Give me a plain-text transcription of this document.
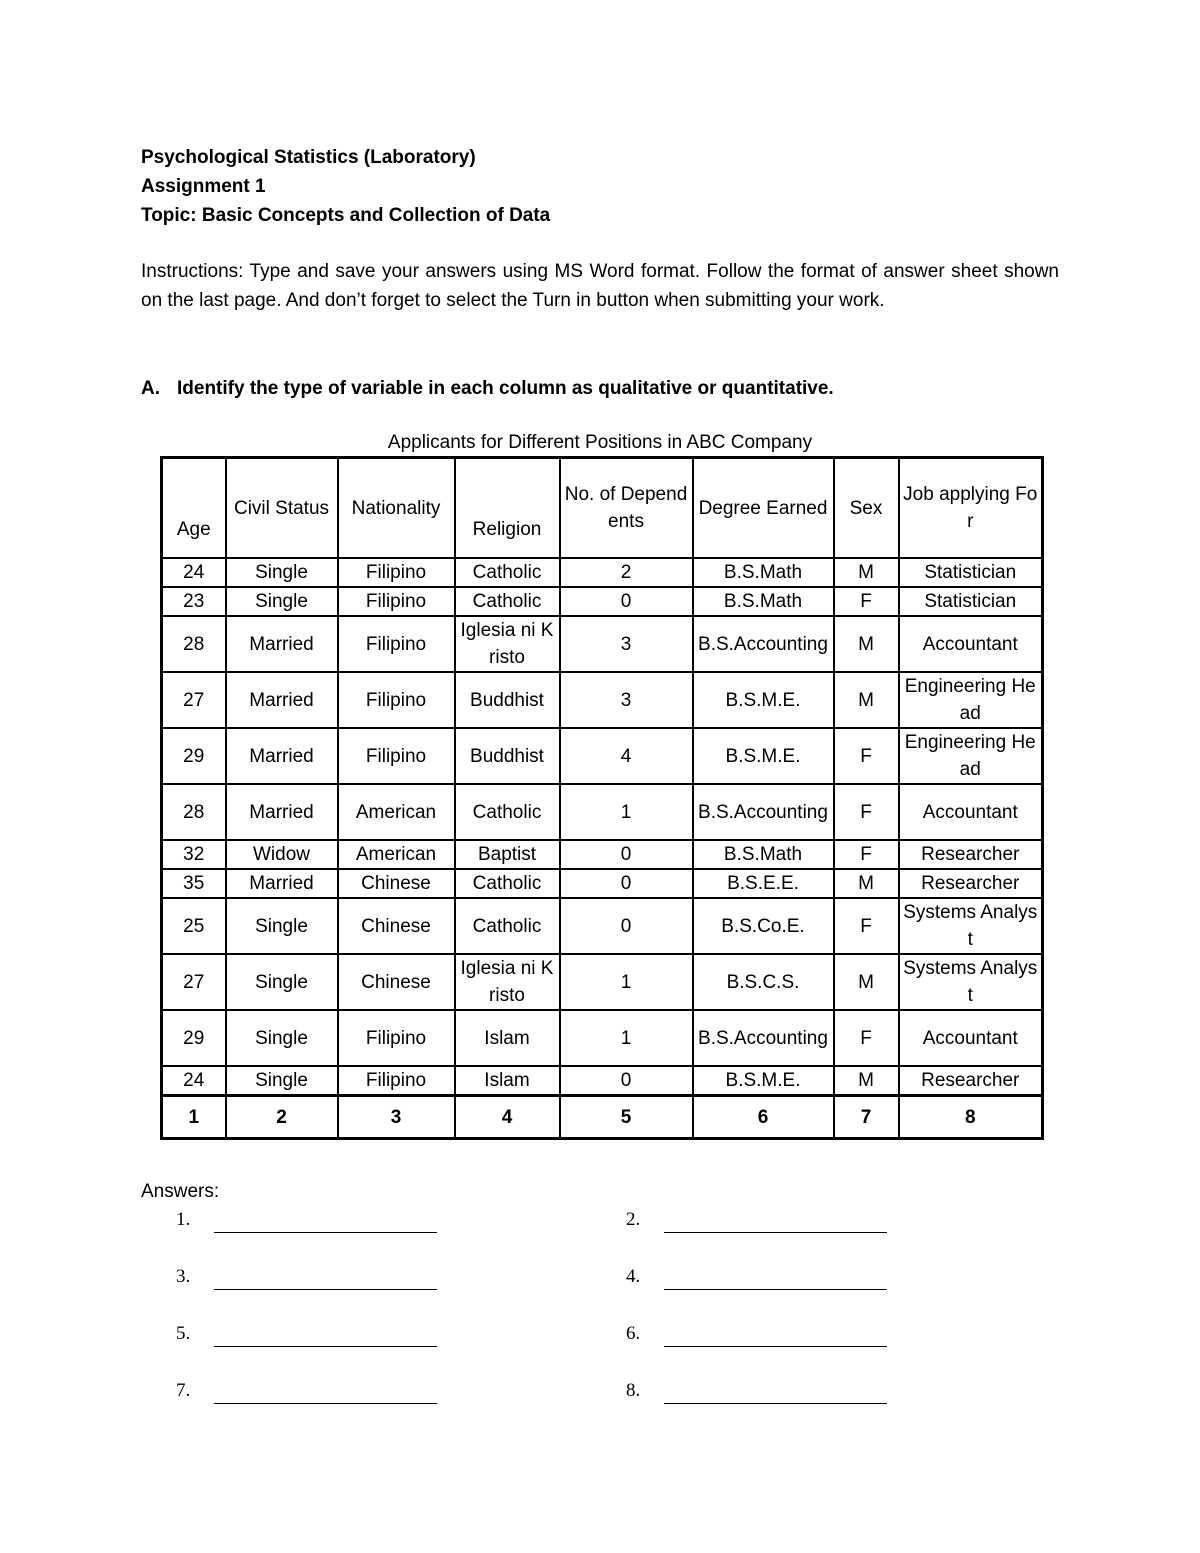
Psychological Statistics (Laboratory)
Assignment 1
Topic: Basic Concepts and Collection of Data
Instructions: Type and save your answers using MS Word format. Follow the format of answer sheet shown on the last page. And don’t forget to select the Turn in button when submitting your work.
A. Identify the type of variable in each column as qualitative or quantitative.
Applicants for Different Positions in ABC Company
Age	Civil Status	Nationality	Religion	No. of Dependents	Degree Earned	Sex	Job applying For
24	Single	Filipino	Catholic	2	B.S.Math	M	Statistician
23	Single	Filipino	Catholic	0	B.S.Math	F	Statistician
28	Married	Filipino	Iglesia ni Kristo	3	B.S.Accounting	M	Accountant
27	Married	Filipino	Buddhist	3	B.S.M.E.	M	Engineering Head
29	Married	Filipino	Buddhist	4	B.S.M.E.	F	Engineering Head
28	Married	American	Catholic	1	B.S.Accounting	F	Accountant
32	Widow	American	Baptist	0	B.S.Math	F	Researcher
35	Married	Chinese	Catholic	0	B.S.E.E.	M	Researcher
25	Single	Chinese	Catholic	0	B.S.Co.E.	F	Systems Analyst
27	Single	Chinese	Iglesia ni Kristo	1	B.S.C.S.	M	Systems Analyst
29	Single	Filipino	Islam	1	B.S.Accounting	F	Accountant
24	Single	Filipino	Islam	0	B.S.M.E.	M	Researcher
1	2	3	4	5	6	7	8
Answers:
1.	2.
3.	4.
5.	6.
7.	8.
